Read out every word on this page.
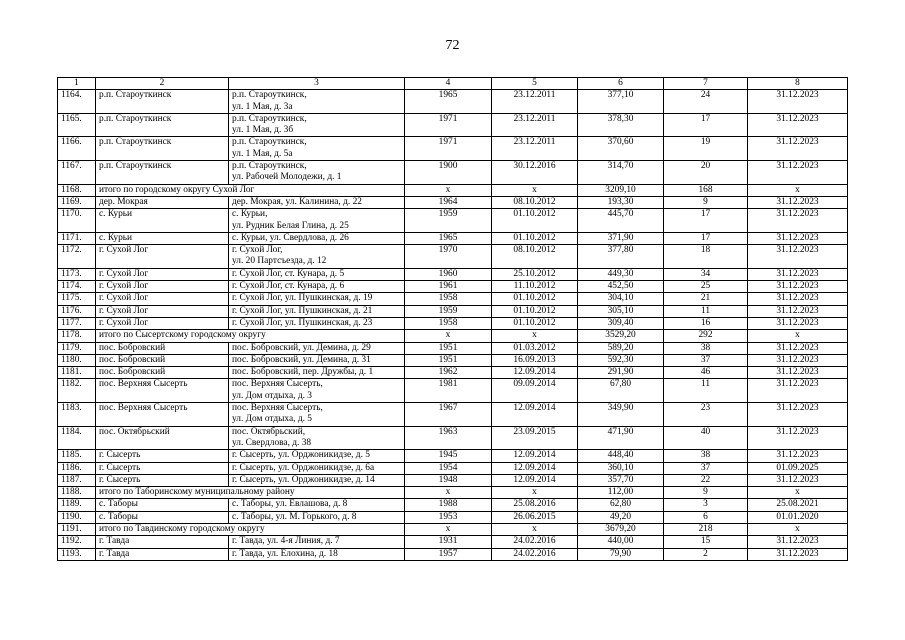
72
1	2	3	4	5	6	7	8
1164.	р.п. Староуткинск	р.п. Староуткинск,
ул. 1 Мая, д. 3а	1965	23.12.2011	377,10	24	31.12.2023
1165.	р.п. Староуткинск	р.п. Староуткинск,
ул. 1 Мая, д. 3б	1971	23.12.2011	378,30	17	31.12.2023
1166.	р.п. Староуткинск	р.п. Староуткинск,
ул. 1 Мая, д. 5а	1971	23.12.2011	370,60	19	31.12.2023
1167.	р.п. Староуткинск	р.п. Староуткинск,
ул. Рабочей Молодежи, д. 1	1900	30.12.2016	314,70	20	31.12.2023
1168.	итого по городскому округу Сухой Лог		x	x	3209,10	168	x
1169.	дер. Мокрая	дер. Мокрая, ул. Калинина, д. 22	1964	08.10.2012	193,30	9	31.12.2023
1170.	с. Курьи	с. Курьи,
ул. Рудник Белая Глина, д. 25	1959	01.10.2012	445,70	17	31.12.2023
1171.	с. Курьи	с. Курьи, ул. Свердлова, д. 26	1965	01.10.2012	371,90	17	31.12.2023
1172.	г. Сухой Лог	г. Сухой Лог,
ул. 20 Партсъезда, д. 12	1970	08.10.2012	377,80	18	31.12.2023
1173.	г. Сухой Лог	г. Сухой Лог, ст. Кунара, д. 5	1960	25.10.2012	449,30	34	31.12.2023
1174.	г. Сухой Лог	г. Сухой Лог, ст. Кунара, д. 6	1961	11.10.2012	452,50	25	31.12.2023
1175.	г. Сухой Лог	г. Сухой Лог, ул. Пушкинская, д. 19	1958	01.10.2012	304,10	21	31.12.2023
1176.	г. Сухой Лог	г. Сухой Лог, ул. Пушкинская, д. 21	1959	01.10.2012	305,10	11	31.12.2023
1177.	г. Сухой Лог	г. Сухой Лог, ул. Пушкинская, д. 23	1958	01.10.2012	309,40	16	31.12.2023
1178.	итого по Сысертскому городскому округу		x	x	3529,20	292	x
1179.	пос. Бобровский	пос. Бобровский, ул. Демина, д. 29	1951	01.03.2012	589,20	38	31.12.2023
1180.	пос. Бобровский	пос. Бобровский, ул. Демина, д. 31	1951	16.09.2013	592,30	37	31.12.2023
1181.	пос. Бобровский	пос. Бобровский, пер. Дружбы, д. 1	1962	12.09.2014	291,90	46	31.12.2023
1182.	пос. Верхняя Сысерть	пос. Верхняя Сысерть,
ул. Дом отдыха, д. 3	1981	09.09.2014	67,80	11	31.12.2023
1183.	пос. Верхняя Сысерть	пос. Верхняя Сысерть,
ул. Дом отдыха, д. 5	1967	12.09.2014	349,90	23	31.12.2023
1184.	пос. Октябрьский	пос. Октябрьский,
ул. Свердлова, д. 38	1963	23.09.2015	471,90	40	31.12.2023
1185.	г. Сысерть	г. Сысерть, ул. Орджоникидзе, д. 5	1945	12.09.2014	448,40	38	31.12.2023
1186.	г. Сысерть	г. Сысерть, ул. Орджоникидзе, д. 6а	1954	12.09.2014	360,10	37	01.09.2025
1187.	г. Сысерть	г. Сысерть, ул. Орджоникидзе, д. 14	1948	12.09.2014	357,70	22	31.12.2023
1188.	итого по Таборинскому муниципальному району		x	x	112,00	9	x
1189.	с. Таборы	с. Таборы, ул. Евлашова, д. 8	1988	25.08.2016	62,80	3	25.08.2021
1190.	с. Таборы	с. Таборы, ул. М. Горького, д. 8	1953	26.06.2015	49,20	6	01.01.2020
1191.	итого по Тавдинскому городскому округу		x	x	3679,20	218	x
1192.	г. Тавда	г. Тавда, ул. 4-я Линия, д. 7	1931	24.02.2016	440,00	15	31.12.2023
1193.	г. Тавда	г. Тавда, ул. Елохина, д. 18	1957	24.02.2016	79,90	2	31.12.2023
